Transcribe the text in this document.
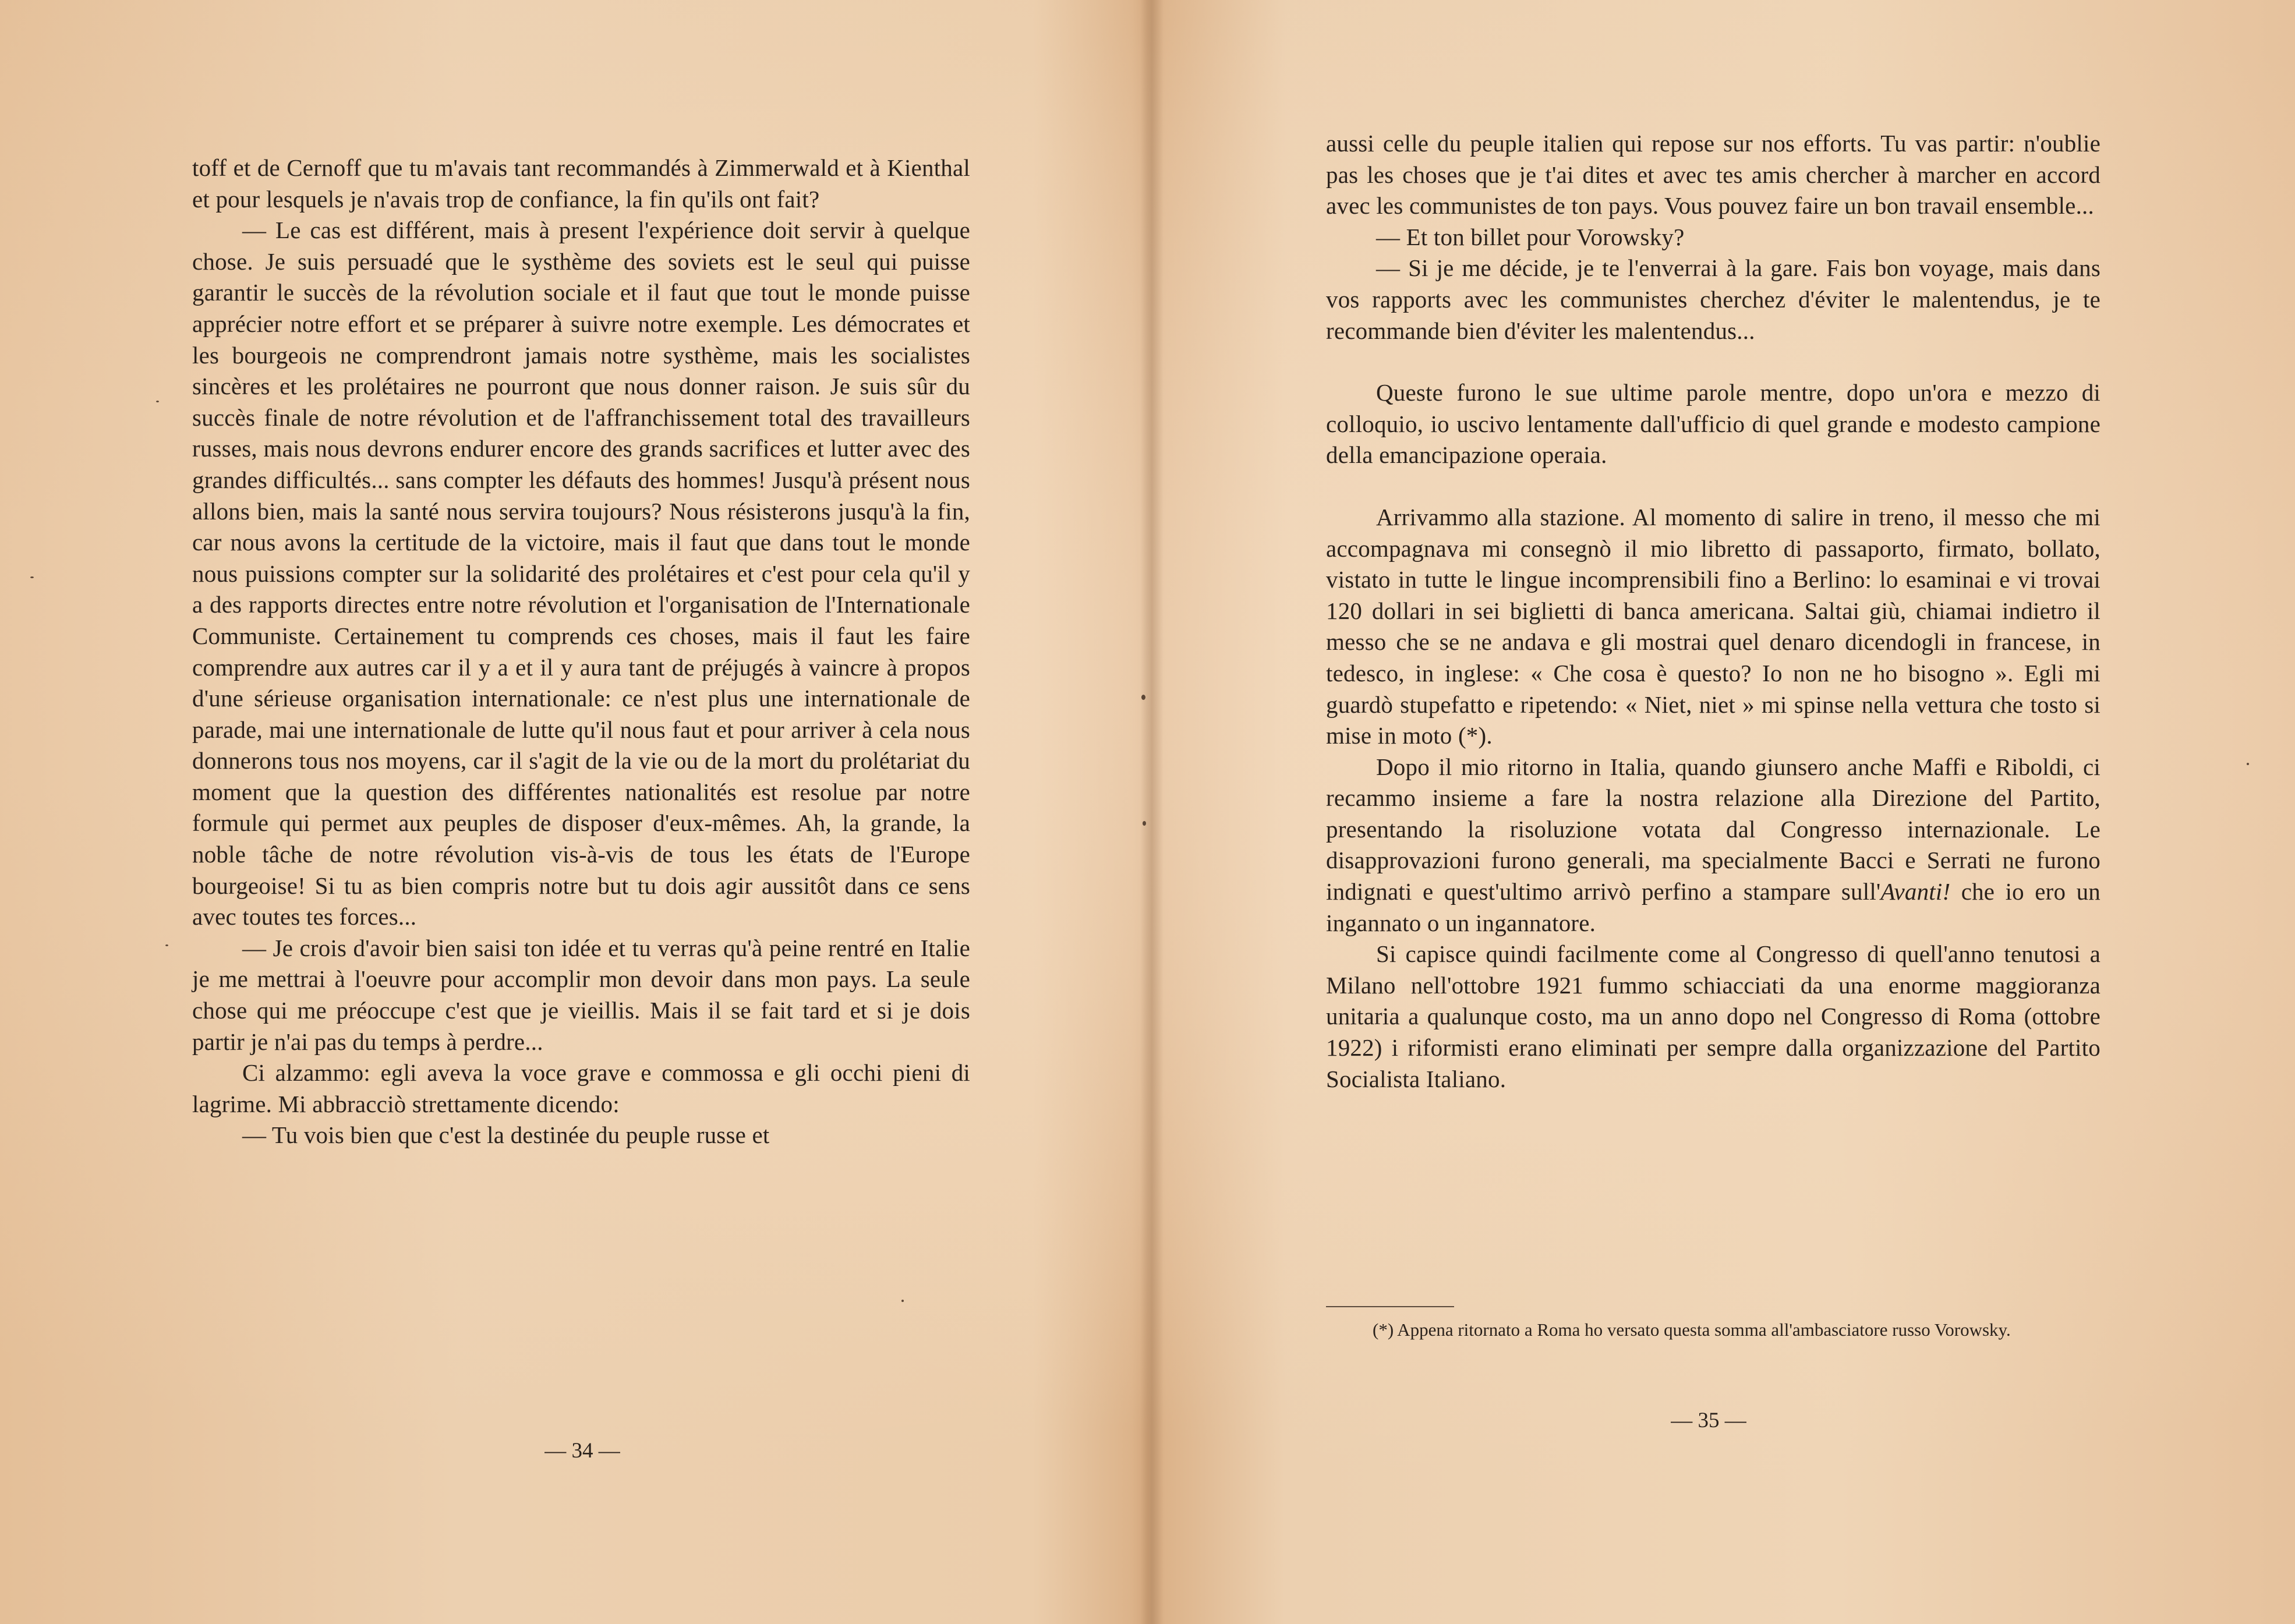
toff et de Cernoff que tu m'avais tant recommandés à Zimmerwald et à Kienthal et pour lesquels je n'avais trop de confiance, la fin qu'ils ont fait?

— Le cas est différent, mais à present l'expérience doit servir à quelque chose. Je suis persuadé que le systhème des soviets est le seul qui puisse garantir le succès de la révolution sociale et il faut que tout le monde puisse apprécier notre effort et se préparer à suivre notre exemple. Les démocrates et les bourgeois ne comprendront jamais notre systhème, mais les socialistes sincères et les prolétaires ne pourront que nous donner raison. Je suis sûr du succès finale de notre révolution et de l'affranchissement total des travailleurs russes, mais nous devrons endurer encore des grands sacrifices et lutter avec des grandes difficultés... sans compter les défauts des hommes! Jusqu'à présent nous allons bien, mais la santé nous servira toujours? Nous résisterons jusqu'à la fin, car nous avons la certitude de la victoire, mais il faut que dans tout le monde nous puissions compter sur la solidarité des prolétaires et c'est pour cela qu'il y a des rapports directes entre notre révolution et l'organisation de l'Internationale Communiste. Certainement tu comprends ces choses, mais il faut les faire comprendre aux autres car il y a et il y aura tant de préjugés à vaincre à propos d'une sérieuse organisation internationale: ce n'est plus une internationale de parade, mai une internationale de lutte qu'il nous faut et pour arriver à cela nous donnerons tous nos moyens, car il s'agit de la vie ou de la mort du prolétariat du moment que la question des différentes nationalités est resolue par notre formule qui permet aux peuples de disposer d'eux-mêmes. Ah, la grande, la noble tâche de notre révolution vis-à-vis de tous les états de l'Europe bourgeoise! Si tu as bien compris notre but tu dois agir aussitôt dans ce sens avec toutes tes forces...

— Je crois d'avoir bien saisi ton idée et tu verras qu'à peine rentré en Italie je me mettrai à l'oeuvre pour accomplir mon devoir dans mon pays. La seule chose qui me préoccupe c'est que je vieillis. Mais il se fait tard et si je dois partir je n'ai pas du temps à perdre...

Ci alzammo: egli aveva la voce grave e commossa e gli occhi pieni di lagrime. Mi abbracciò strettamente dicendo:

— Tu vois bien que c'est la destinée du peuple russe et

— 34 —

aussi celle du peuple italien qui repose sur nos efforts. Tu vas partir: n'oublie pas les choses que je t'ai dites et avec tes amis chercher à marcher en accord avec les communistes de ton pays. Vous pouvez faire un bon travail ensemble...

— Et ton billet pour Vorowsky?

— Si je me décide, je te l'enverrai à la gare. Fais bon voyage, mais dans vos rapports avec les communistes cherchez d'éviter le malentendus, je te recommande bien d'éviter les malentendus...

Queste furono le sue ultime parole mentre, dopo un'ora e mezzo di colloquio, io uscivo lentamente dall'ufficio di quel grande e modesto campione della emancipazione operaia.

Arrivammo alla stazione. Al momento di salire in treno, il messo che mi accompagnava mi consegnò il mio libretto di passaporto, firmato, bollato, vistato in tutte le lingue incomprensibili fino a Berlino: lo esaminai e vi trovai 120 dollari in sei biglietti di banca americana. Saltai giù, chiamai indietro il messo che se ne andava e gli mostrai quel denaro dicendogli in francese, in tedesco, in inglese: « Che cosa è questo? Io non ne ho bisogno ». Egli mi guardò stupefatto e ripetendo: « Niet, niet » mi spinse nella vettura che tosto si mise in moto (*).

Dopo il mio ritorno in Italia, quando giunsero anche Maffi e Riboldi, ci recammo insieme a fare la nostra relazione alla Direzione del Partito, presentando la risoluzione votata dal Congresso internazionale. Le disapprovazioni furono generali, ma specialmente Bacci e Serrati ne furono indignati e quest'ultimo arrivò perfino a stampare sull'Avanti! che io ero un ingannato o un ingannatore.

Si capisce quindi facilmente come al Congresso di quell'anno tenutosi a Milano nell'ottobre 1921 fummo schiacciati da una enorme maggioranza unitaria a qualunque costo, ma un anno dopo nel Congresso di Roma (ottobre 1922) i riformisti erano eliminati per sempre dalla organizzazione del Partito Socialista Italiano.

(*) Appena ritornato a Roma ho versato questa somma all'ambasciatore russo Vorowsky.
— 35 —
